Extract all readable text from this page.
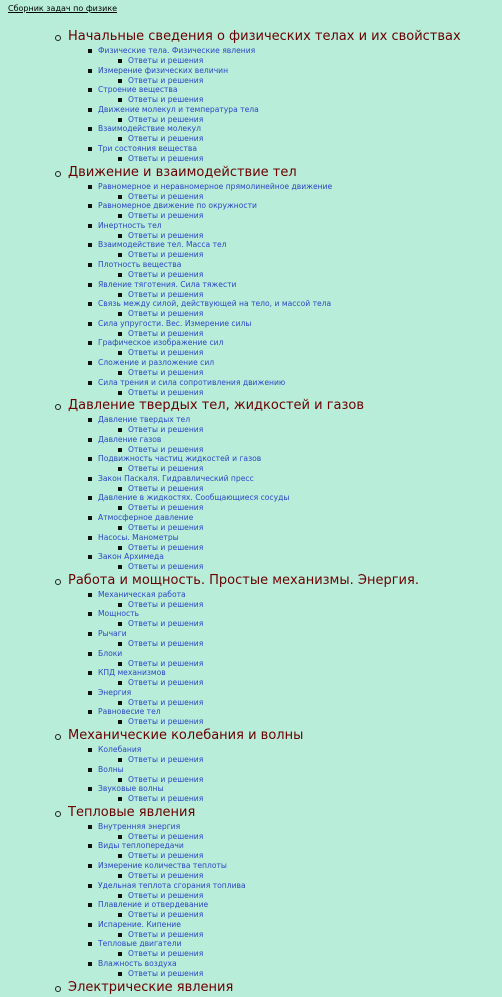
Сборник задач по физике
Начальные сведения о физических телах и их свойствах
Физические тела. Физические явления
Ответы и решения
Измерение физических величин
Ответы и решения
Строение вещества
Ответы и решения
Движение молекул и температура тела
Ответы и решения
Взаимодействие молекул
Ответы и решения
Три состояния вещества
Ответы и решения
Движение и взаимодействие тел
Равномерное и неравномерное прямолинейное движение
Ответы и решения
Равномерное движение по окружности
Ответы и решения
Инертность тел
Ответы и решения
Взаимодействие тел. Масса тел
Ответы и решения
Плотность вещества
Ответы и решения
Явление тяготения. Сила тяжести
Ответы и решения
Связь между силой, действующей на тело, и массой тела
Ответы и решения
Сила упругости. Вес. Измерение силы
Ответы и решения
Графическое изображение сил
Ответы и решения
Сложение и разложение сил
Ответы и решения
Сила трения и сила сопротивления движению
Ответы и решения
Давление твердых тел, жидкостей и газов
Давление твердых тел
Ответы и решения
Давление газов
Ответы и решения
Подвижность частиц жидкостей и газов
Ответы и решения
Закон Паскаля. Гидравлический пресс
Ответы и решения
Давление в жидкостях. Сообщающиеся сосуды
Ответы и решения
Атмосферное давление
Ответы и решения
Насосы. Манометры
Ответы и решения
Закон Архимеда
Ответы и решения
Работа и мощность. Простые механизмы. Энергия.
Механическая работа
Ответы и решения
Мощность
Ответы и решения
Рычаги
Ответы и решения
Блоки
Ответы и решения
КПД механизмов
Ответы и решения
Энергия
Ответы и решения
Равновесие тел
Ответы и решения
Механические колебания и волны
Колебания
Ответы и решения
Волны
Ответы и решения
Звуковые волны
Ответы и решения
Тепловые явления
Внутренняя энергия
Ответы и решения
Виды теплопередачи
Ответы и решения
Измерение количества теплоты
Ответы и решения
Удельная теплота сгорания топлива
Ответы и решения
Плавление и отвердевание
Ответы и решения
Испарение. Кипение
Ответы и решения
Тепловые двигатели
Ответы и решения
Влажность воздуха
Ответы и решения
Электрические явления
